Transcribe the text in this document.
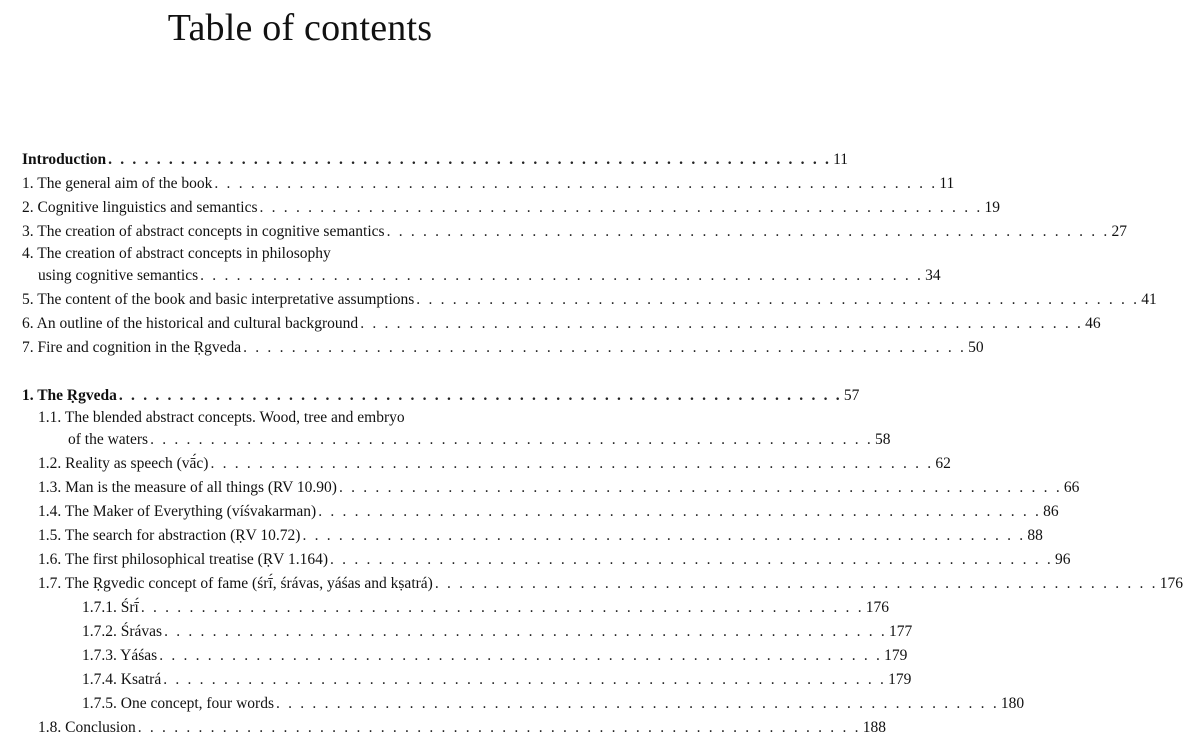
Table of contents
Introduction . . . . . . . . . . . . . . . . . . . . . . . . . . . . . . . . . . . . . . . . . . . . . . . . . . . . . . . . . . . . 11
1. The general aim of the book . . . . . . . . . . . . . . . . . . . . . . . . . . . . . . . . . . . . . . . . . . . . . . . . . . . . . . . . . . . . 11
2. Cognitive linguistics and semantics . . . . . . . . . . . . . . . . . . . . . . . . . . . . . . . . . . . . . . . . . . . . . . . . . . . . . . . . . . . . 19
3. The creation of abstract concepts in cognitive semantics . . . . . . . . . . . . . . . . . . . . . . . . . . . . . . . . . . . . . . . . . . . . . . . . . . . . . . . . . . . . 27
4. The creation of abstract concepts in philosophy
using cognitive semantics . . . . . . . . . . . . . . . . . . . . . . . . . . . . . . . . . . . . . . . . . . . . . . . . . . . . . . . . . . . . 34
5. The content of the book and basic interpretative assumptions . . . . . . . . . . . . . . . . . . . . . . . . . . . . . . . . . . . . . . . . . . . . . . . . . . . . . . . . . . . . 41
6. An outline of the historical and cultural background . . . . . . . . . . . . . . . . . . . . . . . . . . . . . . . . . . . . . . . . . . . . . . . . . . . . . . . . . . . . 46
7. Fire and cognition in the Ṛgveda . . . . . . . . . . . . . . . . . . . . . . . . . . . . . . . . . . . . . . . . . . . . . . . . . . . . . . . . . . . . 50
1. The Ṛgveda . . . . . . . . . . . . . . . . . . . . . . . . . . . . . . . . . . . . . . . . . . . . . . . . . . . . . . . . . . . . 57
1.1. The blended abstract concepts. Wood, tree and embryo
of the waters . . . . . . . . . . . . . . . . . . . . . . . . . . . . . . . . . . . . . . . . . . . . . . . . . . . . . . . . . . . . 58
1.2. Reality as speech (vā́c) . . . . . . . . . . . . . . . . . . . . . . . . . . . . . . . . . . . . . . . . . . . . . . . . . . . . . . . . . . . . 62
1.3. Man is the measure of all things (RV 10.90) . . . . . . . . . . . . . . . . . . . . . . . . . . . . . . . . . . . . . . . . . . . . . . . . . . . . . . . . . . . . 66
1.4. The Maker of Everything (víśvakarman) . . . . . . . . . . . . . . . . . . . . . . . . . . . . . . . . . . . . . . . . . . . . . . . . . . . . . . . . . . . . 86
1.5. The search for abstraction (ṚV 10.72) . . . . . . . . . . . . . . . . . . . . . . . . . . . . . . . . . . . . . . . . . . . . . . . . . . . . . . . . . . . . 88
1.6. The first philosophical treatise (ṚV 1.164) . . . . . . . . . . . . . . . . . . . . . . . . . . . . . . . . . . . . . . . . . . . . . . . . . . . . . . . . . . . . 96
1.7. The Ṛgvedic concept of fame (śrī́, śrávas, yáśas and kṣatrá) . . . . . . . . . . . . . . . . . . . . . . . . . . . . . . . . . . . . . . . . . . . . . . . . . . . . . . . . . . . . 176
1.7.1. Śrī́ . . . . . . . . . . . . . . . . . . . . . . . . . . . . . . . . . . . . . . . . . . . . . . . . . . . . . . . . . . . . 176
1.7.2. Śrávas . . . . . . . . . . . . . . . . . . . . . . . . . . . . . . . . . . . . . . . . . . . . . . . . . . . . . . . . . . . . 177
1.7.3. Yáśas . . . . . . . . . . . . . . . . . . . . . . . . . . . . . . . . . . . . . . . . . . . . . . . . . . . . . . . . . . . . 179
1.7.4. Ksatrá . . . . . . . . . . . . . . . . . . . . . . . . . . . . . . . . . . . . . . . . . . . . . . . . . . . . . . . . . . . . 179
1.7.5. One concept, four words . . . . . . . . . . . . . . . . . . . . . . . . . . . . . . . . . . . . . . . . . . . . . . . . . . . . . . . . . . . . 180
1.8. Conclusion . . . . . . . . . . . . . . . . . . . . . . . . . . . . . . . . . . . . . . . . . . . . . . . . . . . . . . . . . . . . 188
